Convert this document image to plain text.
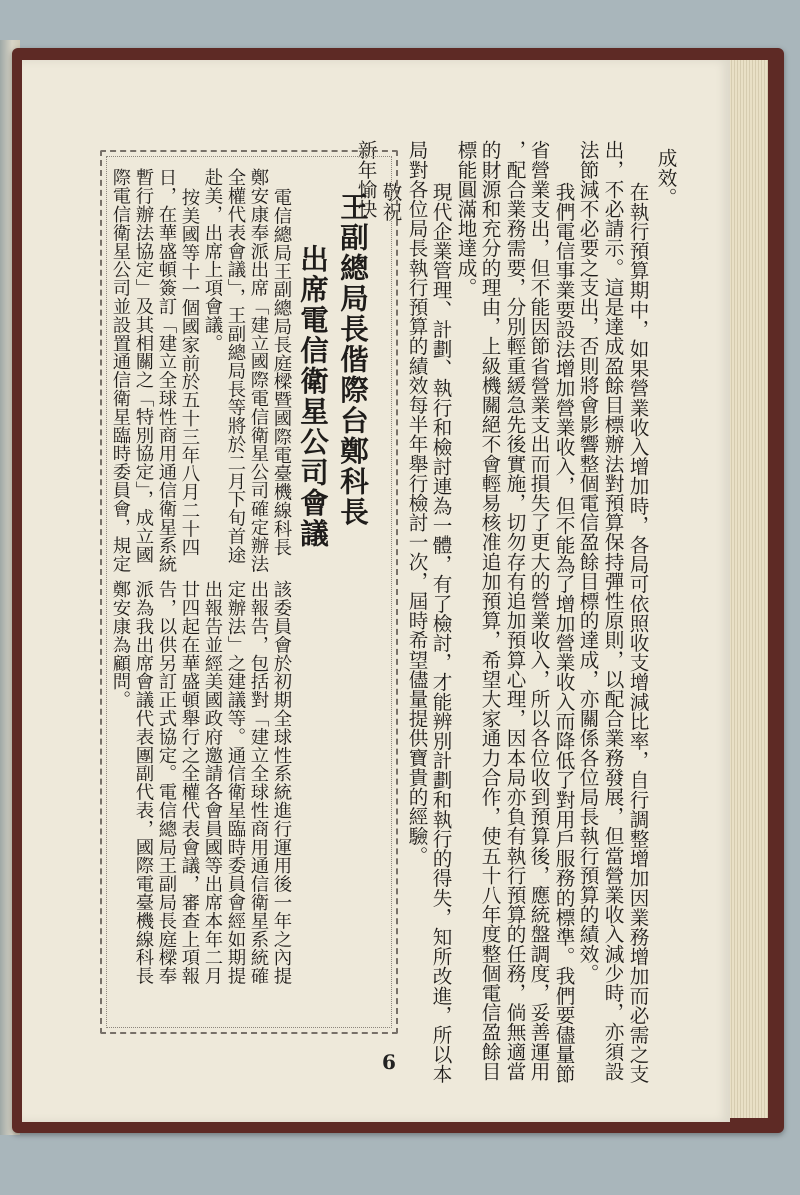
成效。
在執行預算期中，如果營業收入增加時，各局可依照收支增減比率，自行調整增加因業務增加而必需之支
出，不必請示。這是達成盈餘目標辦法對預算保持彈性原則，以配合業務發展，但當營業收入減少時，亦須設
法節減不必要之支出，否則將會影響整個電信盈餘目標的達成，亦關係各位局長執行預算的績效。
我們電信事業要設法增加營業收入，但不能為了增加營業收入而降低了對用戶服務的標準。我們要儘量節
省營業支出，但不能因節省營業支出而損失了更大的營業收入，所以各位收到預算後，應統盤調度，妥善運用
，配合業務需要，分別輕重緩急先後實施，切勿存有追加預算心理，因本局亦負有執行預算的任務，倘無適當
的財源和充分的理由，上級機關絕不會輕易核准追加預算，希望大家通力合作，使五十八年度整個電信盈餘目
標能圓滿地達成。
現代企業管理、計劃、執行和檢討連為一體，有了檢討，才能辨別計劃和執行的得失，知所改進，所以本
局對各位局長執行預算的績效每半年舉行檢討一次，屆時希望儘量提供寶貴的經驗。
敬祝
新年愉快
王副總局長偕際台鄭科長
出席電信衛星公司會議
電信總局王副總局長庭樑暨國際電臺機線科長
鄭安康奉派出席「建立國際電信衛星公司確定辦法
全權代表會議」，王副總局長等將於二月下旬首途
赴美，出席上項會議。
按美國等十一個國家前於五十三年八月二十四
日，在華盛頓簽訂「建立全球性商用通信衛星系統
暫行辦法協定」及其相關之「特別協定」，成立國
際電信衛星公司並設置通信衛星臨時委員會，規定
該委員會於初期全球性系統進行運用後一年之內提
出報告，包括對「建立全球性商用通信衛星系統確
定辦法」之建議等。通信衛星臨時委員會經如期提
出報告並經美國政府邀請各會員國等出席本年二月
廿四起在華盛頓舉行之全權代表會議，審查上項報
告，以供另訂正式協定。電信總局王副局長庭樑奉
派為我出席會議代表團副代表，國際電臺機線科長
鄭安康為顧問。
6
